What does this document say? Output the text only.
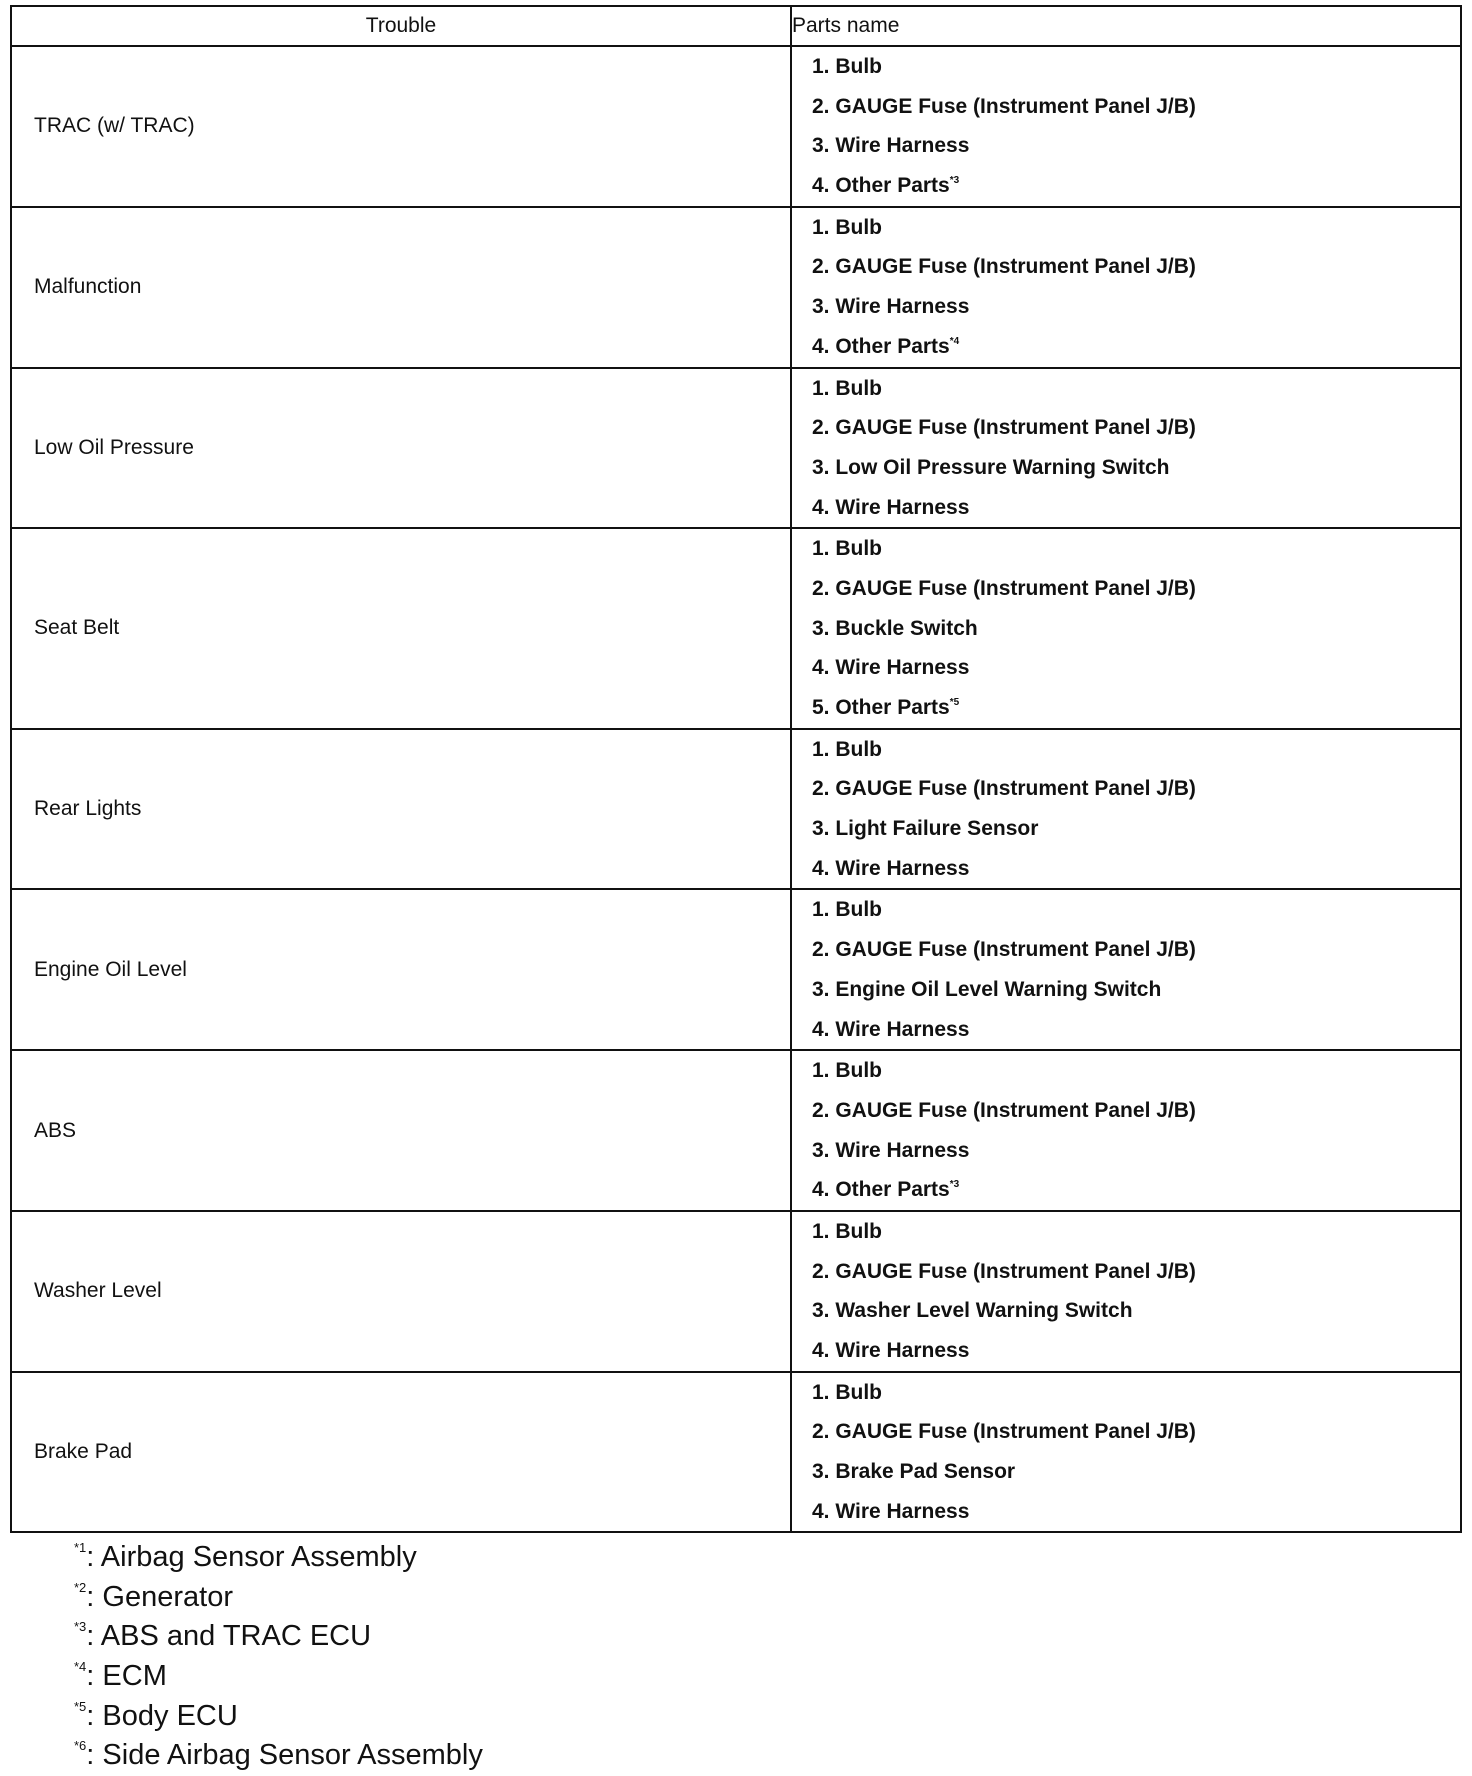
Trouble	Parts name
TRAC (w/ TRAC)	1. Bulb
2. GAUGE Fuse (Instrument Panel J/B)
3. Wire Harness
4. Other Parts$^{*3}$

Malfunction	1. Bulb
2. GAUGE Fuse (Instrument Panel J/B)
3. Wire Harness
4. Other Parts$^{*4}$

Low Oil Pressure	1. Bulb
2. GAUGE Fuse (Instrument Panel J/B)
3. Low Oil Pressure Warning Switch
4. Wire Harness

Seat Belt	1. Bulb
2. GAUGE Fuse (Instrument Panel J/B)
3. Buckle Switch
4. Wire Harness
5. Other Parts$^{*5}$

Rear Lights	1. Bulb
2. GAUGE Fuse (Instrument Panel J/B)
3. Light Failure Sensor
4. Wire Harness

Engine Oil Level	1. Bulb
2. GAUGE Fuse (Instrument Panel J/B)
3. Engine Oil Level Warning Switch
4. Wire Harness

ABS	1. Bulb
2. GAUGE Fuse (Instrument Panel J/B)
3. Wire Harness
4. Other Parts$^{*3}$

Washer Level	1. Bulb
2. GAUGE Fuse (Instrument Panel J/B)
3. Washer Level Warning Switch
4. Wire Harness

Brake Pad	1. Bulb
2. GAUGE Fuse (Instrument Panel J/B)
3. Brake Pad Sensor
4. Wire Harness
$^{*1}$: Airbag Sensor Assembly
$^{*2}$: Generator
$^{*3}$: ABS and TRAC ECU
$^{*4}$: ECM
$^{*5}$: Body ECU
$^{*6}$: Side Airbag Sensor Assembly
